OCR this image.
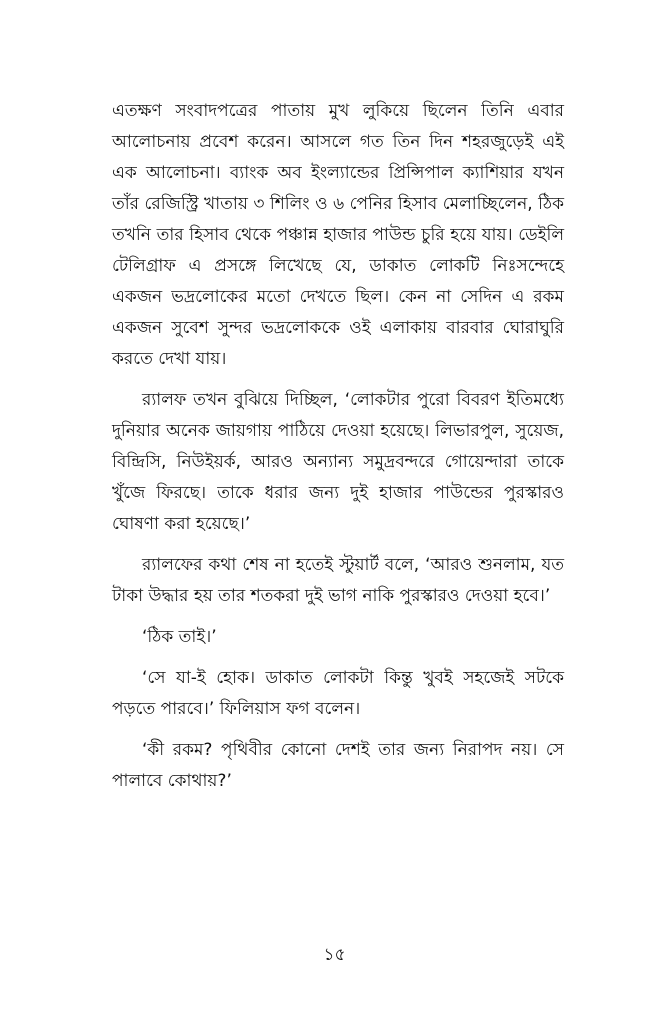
এতক্ষণ সংবাদপত্রের পাতায় মুখ লুকিয়ে ছিলেন তিনি এবার আলোচনায় প্রবেশ করেন। আসলে গত তিন দিন শহরজুড়েই এই এক আলোচনা। ব্যাংক অব ইংল্যান্ডের প্রিন্সিপাল ক্যাশিয়ার যখন তাঁর রেজিস্ট্রি খাতায় ৩ শিলিং ও ৬ পেনির হিসাব মেলাচ্ছিলেন, ঠিক তখনি তার হিসাব থেকে পঞ্চান্ন হাজার পাউন্ড চুরি হয়ে যায়। ডেইলি টেলিগ্রাফ এ প্রসঙ্গে লিখেছে যে, ডাকাত লোকটি নিঃসন্দেহে একজন ভদ্রলোকের মতো দেখতে ছিল। কেন না সেদিন এ রকম একজন সুবেশ সুন্দর ভদ্রলোককে ওই এলাকায় বারবার ঘোরাঘুরি করতে দেখা যায়।

র‍্যালফ তখন বুঝিয়ে দিচ্ছিল, ‘লোকটার পুরো বিবরণ ইতিমধ্যে দুনিয়ার অনেক জায়গায় পাঠিয়ে দেওয়া হয়েছে। লিভারপুল, সুয়েজ, বিন্দ্রিসি, নিউইয়র্ক, আরও অন্যান্য সমুদ্রবন্দরে গোয়েন্দারা তাকে খুঁজে ফিরছে। তাকে ধরার জন্য দুই হাজার পাউন্ডের পুরস্কারও ঘোষণা করা হয়েছে।’

র‍্যালফের কথা শেষ না হতেই স্টুয়ার্ট বলে, ‘আরও শুনলাম, যত টাকা উদ্ধার হয় তার শতকরা দুই ভাগ নাকি পুরস্কারও দেওয়া হবে।’

‘ঠিক তাই।’

‘সে যা-ই হোক। ডাকাত লোকটা কিন্তু খুবই সহজেই সটকে পড়তে পারবে।’ ফিলিয়াস ফগ বলেন।

‘কী রকম? পৃথিবীর কোনো দেশই তার জন্য নিরাপদ নয়। সে পালাবে কোথায়?’

১৫
